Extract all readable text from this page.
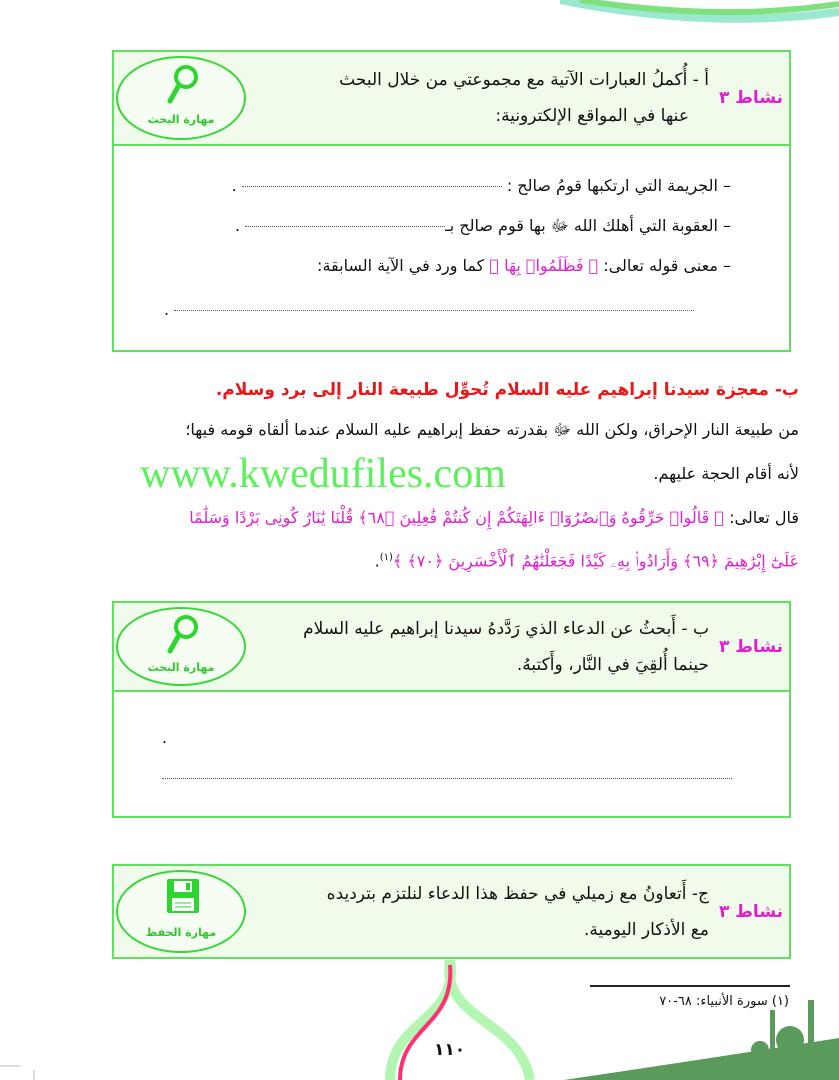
نشاط ٣
أ - أُكملُ العبارات الآتية مع مجموعتي من خلال البحث
عنها في المواقع الإلكترونية:
مهارة البحث
– الجريمة التي ارتكبها قومُ صالح :  .
– العقوبة التي أهلك الله ﷻ بها قوم صالح بـ .
– معنى قوله تعالى: ﴿ فَظَلَمُوا۟ بِهَا ﴾ كما ورد في الآية السابقة:
.
ب- معجزة سيدنا إبراهيم عليه السلام تُحوِّل طبيعة النار إلى برد وسلام.
من طبيعة النار الإحراق، ولكن الله ﷻ بقدرته حفظ إبراهيم عليه السلام عندما ألقاه قومه فيها؛
لأنه أقام الحجة عليهم.
www.kwedufiles.com
قال تعالى: ﴿ قَالُوا۟ حَرِّقُوهُ وَٱنصُرُوٓا۟ ءَالِهَتَكُمْ إِن كُنتُمْ فَٰعِلِينَ ﴿٦٨﴾ قُلْنَا يَٰنَارُ كُونِى بَرْدًا وَسَلَٰمًا
عَلَىٰٓ إِبْرَٰهِيمَ ﴿٦٩﴾ وَأَرَادُوا۟ بِهِۦ كَيْدًا فَجَعَلْنَٰهُمُ ٱلْأَخْسَرِينَ ﴿٧٠﴾ ﴾$^{(١)}$.
نشاط ٣
ب - أَبحثُ عن الدعاء الذي رَدَّدهُ سيدنا إبراهيم عليه السلام
حينما أُلقِيَ في النَّار، وأَكتبهُ.
مهارة البحث
.
نشاط ٣
ج- أَتعاونُ مع زميلي في حفظ هذا الدعاء لنلتزم بترديده
مع الأذكار اليومية.
مهارة الحفظ
(١) سورة الأنبياء: ٦٨-٧٠
١١٠
